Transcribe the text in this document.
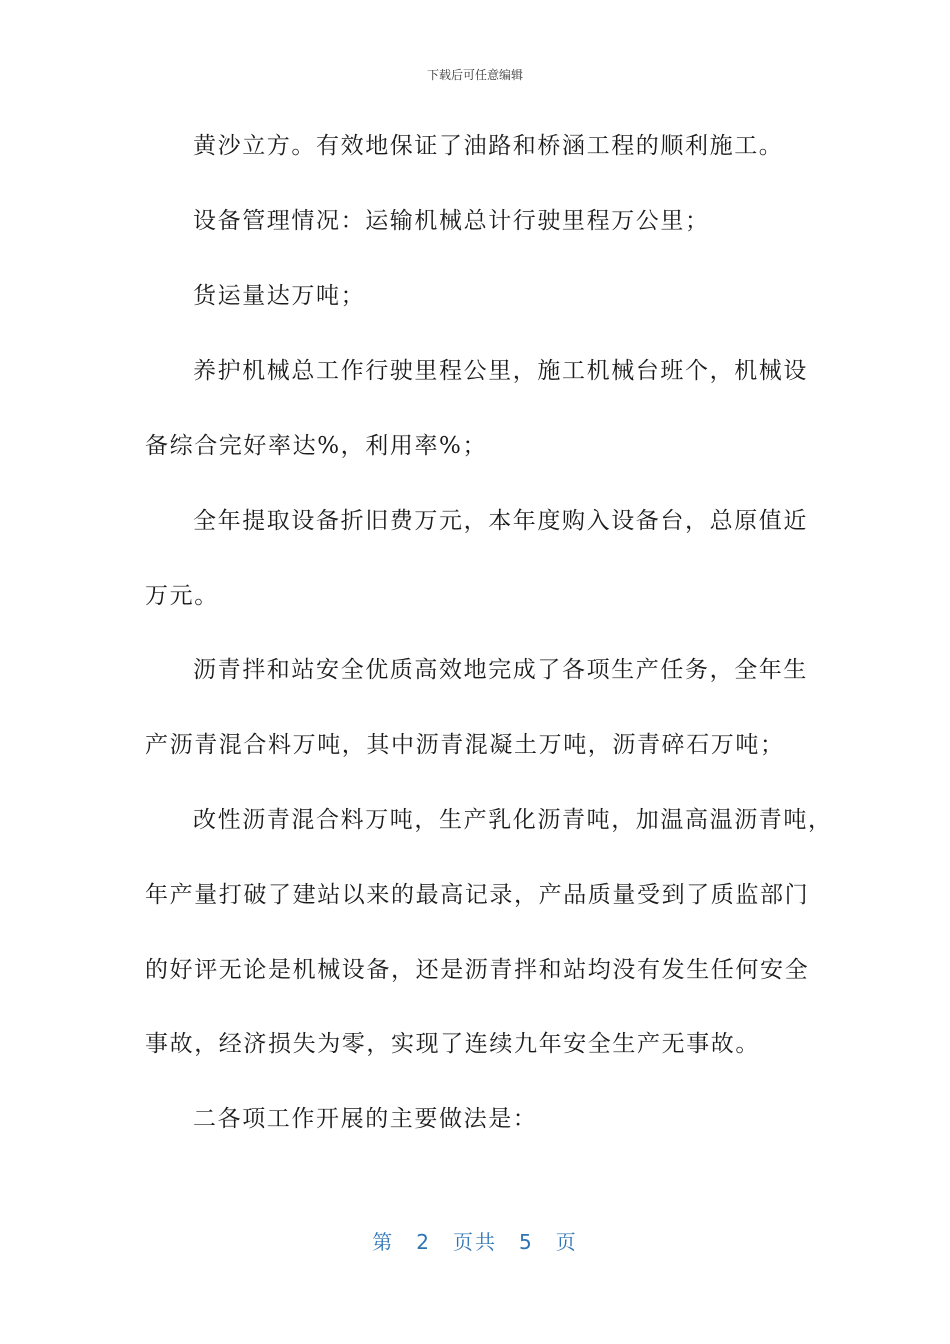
下载后可任意编辑
黄沙立方。有效地保证了油路和桥涵工程的顺利施工。
设备管理情况：运输机械总计行驶里程万公里；
货运量达万吨；
养护机械总工作行驶里程公里，施工机械台班个，机械设
备综合完好率达%，利用率%；
全年提取设备折旧费万元，本年度购入设备台，总原值近
万元。
沥青拌和站安全优质高效地完成了各项生产任务，全年生
产沥青混合料万吨，其中沥青混凝土万吨，沥青碎石万吨；
改性沥青混合料万吨，生产乳化沥青吨，加温高温沥青吨，
年产量打破了建站以来的最高记录，产品质量受到了质监部门
的好评无论是机械设备，还是沥青拌和站均没有发生任何安全
事故，经济损失为零，实现了连续九年安全生产无事故。
二各项工作开展的主要做法是：
第 2 页共 5 页
